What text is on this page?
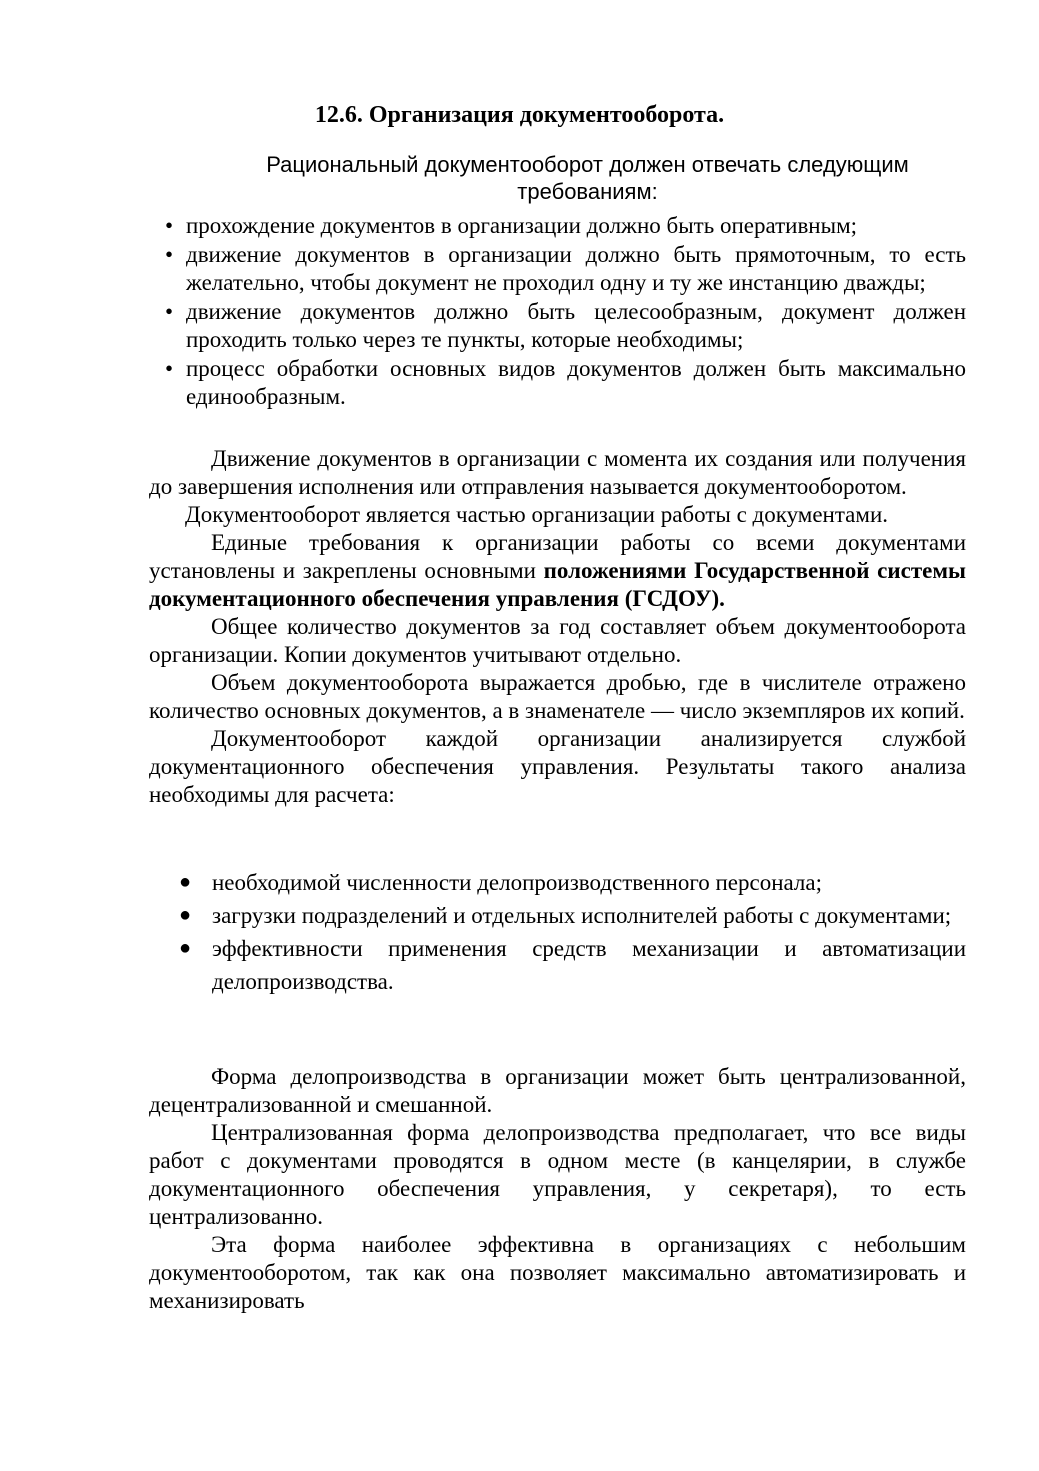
12.6. Организация документооборота.
Рациональный документооборот должен отвечать следующим требованиям:
• прохождение документов в организации должно быть оперативным;
• движение документов в организации должно быть прямоточным, то есть желательно, чтобы документ не проходил одну и ту же инстанцию дважды;
• движение документов должно быть целесообразным, документ должен проходить только через те пункты, которые необходимы;
• процесс обработки основных видов документов должен быть максимально единообразным.

Движение документов в организации с момента их создания или получения до завершения исполнения или отправления называется документооборотом.

Документооборот является частью организации работы с документами.

Единые требования к организации работы со всеми документами установлены и закреплены основными положениями Государственной системы документационного обеспечения управления (ГСДОУ).

Общее количество документов за год составляет объем документооборота организации. Копии документов учитывают отдельно.

Объем документооборота выражается дробью, где в числителе отражено количество основных документов, а в знаменателе — число экземпляров их копий.

Документооборот каждой организации анализируется службой документационного обеспечения управления. Результаты такого анализа необходимы для расчета:

● необходимой численности делопроизводственного персонала;
● загрузки подразделений и отдельных исполнителей работы с документами;
● эффективности применения средств механизации и автоматизации делопроизводства.

Форма делопроизводства в организации может быть централизованной, децентрализованной и смешанной.

Централизованная форма делопроизводства предполагает, что все виды работ с документами проводятся в одном месте (в канцелярии, в службе документационного обеспечения управления, у секретаря), то есть централизованно.

Эта форма наиболее эффективна в организациях с небольшим документооборотом, так как она позволяет максимально автоматизировать и механизировать
